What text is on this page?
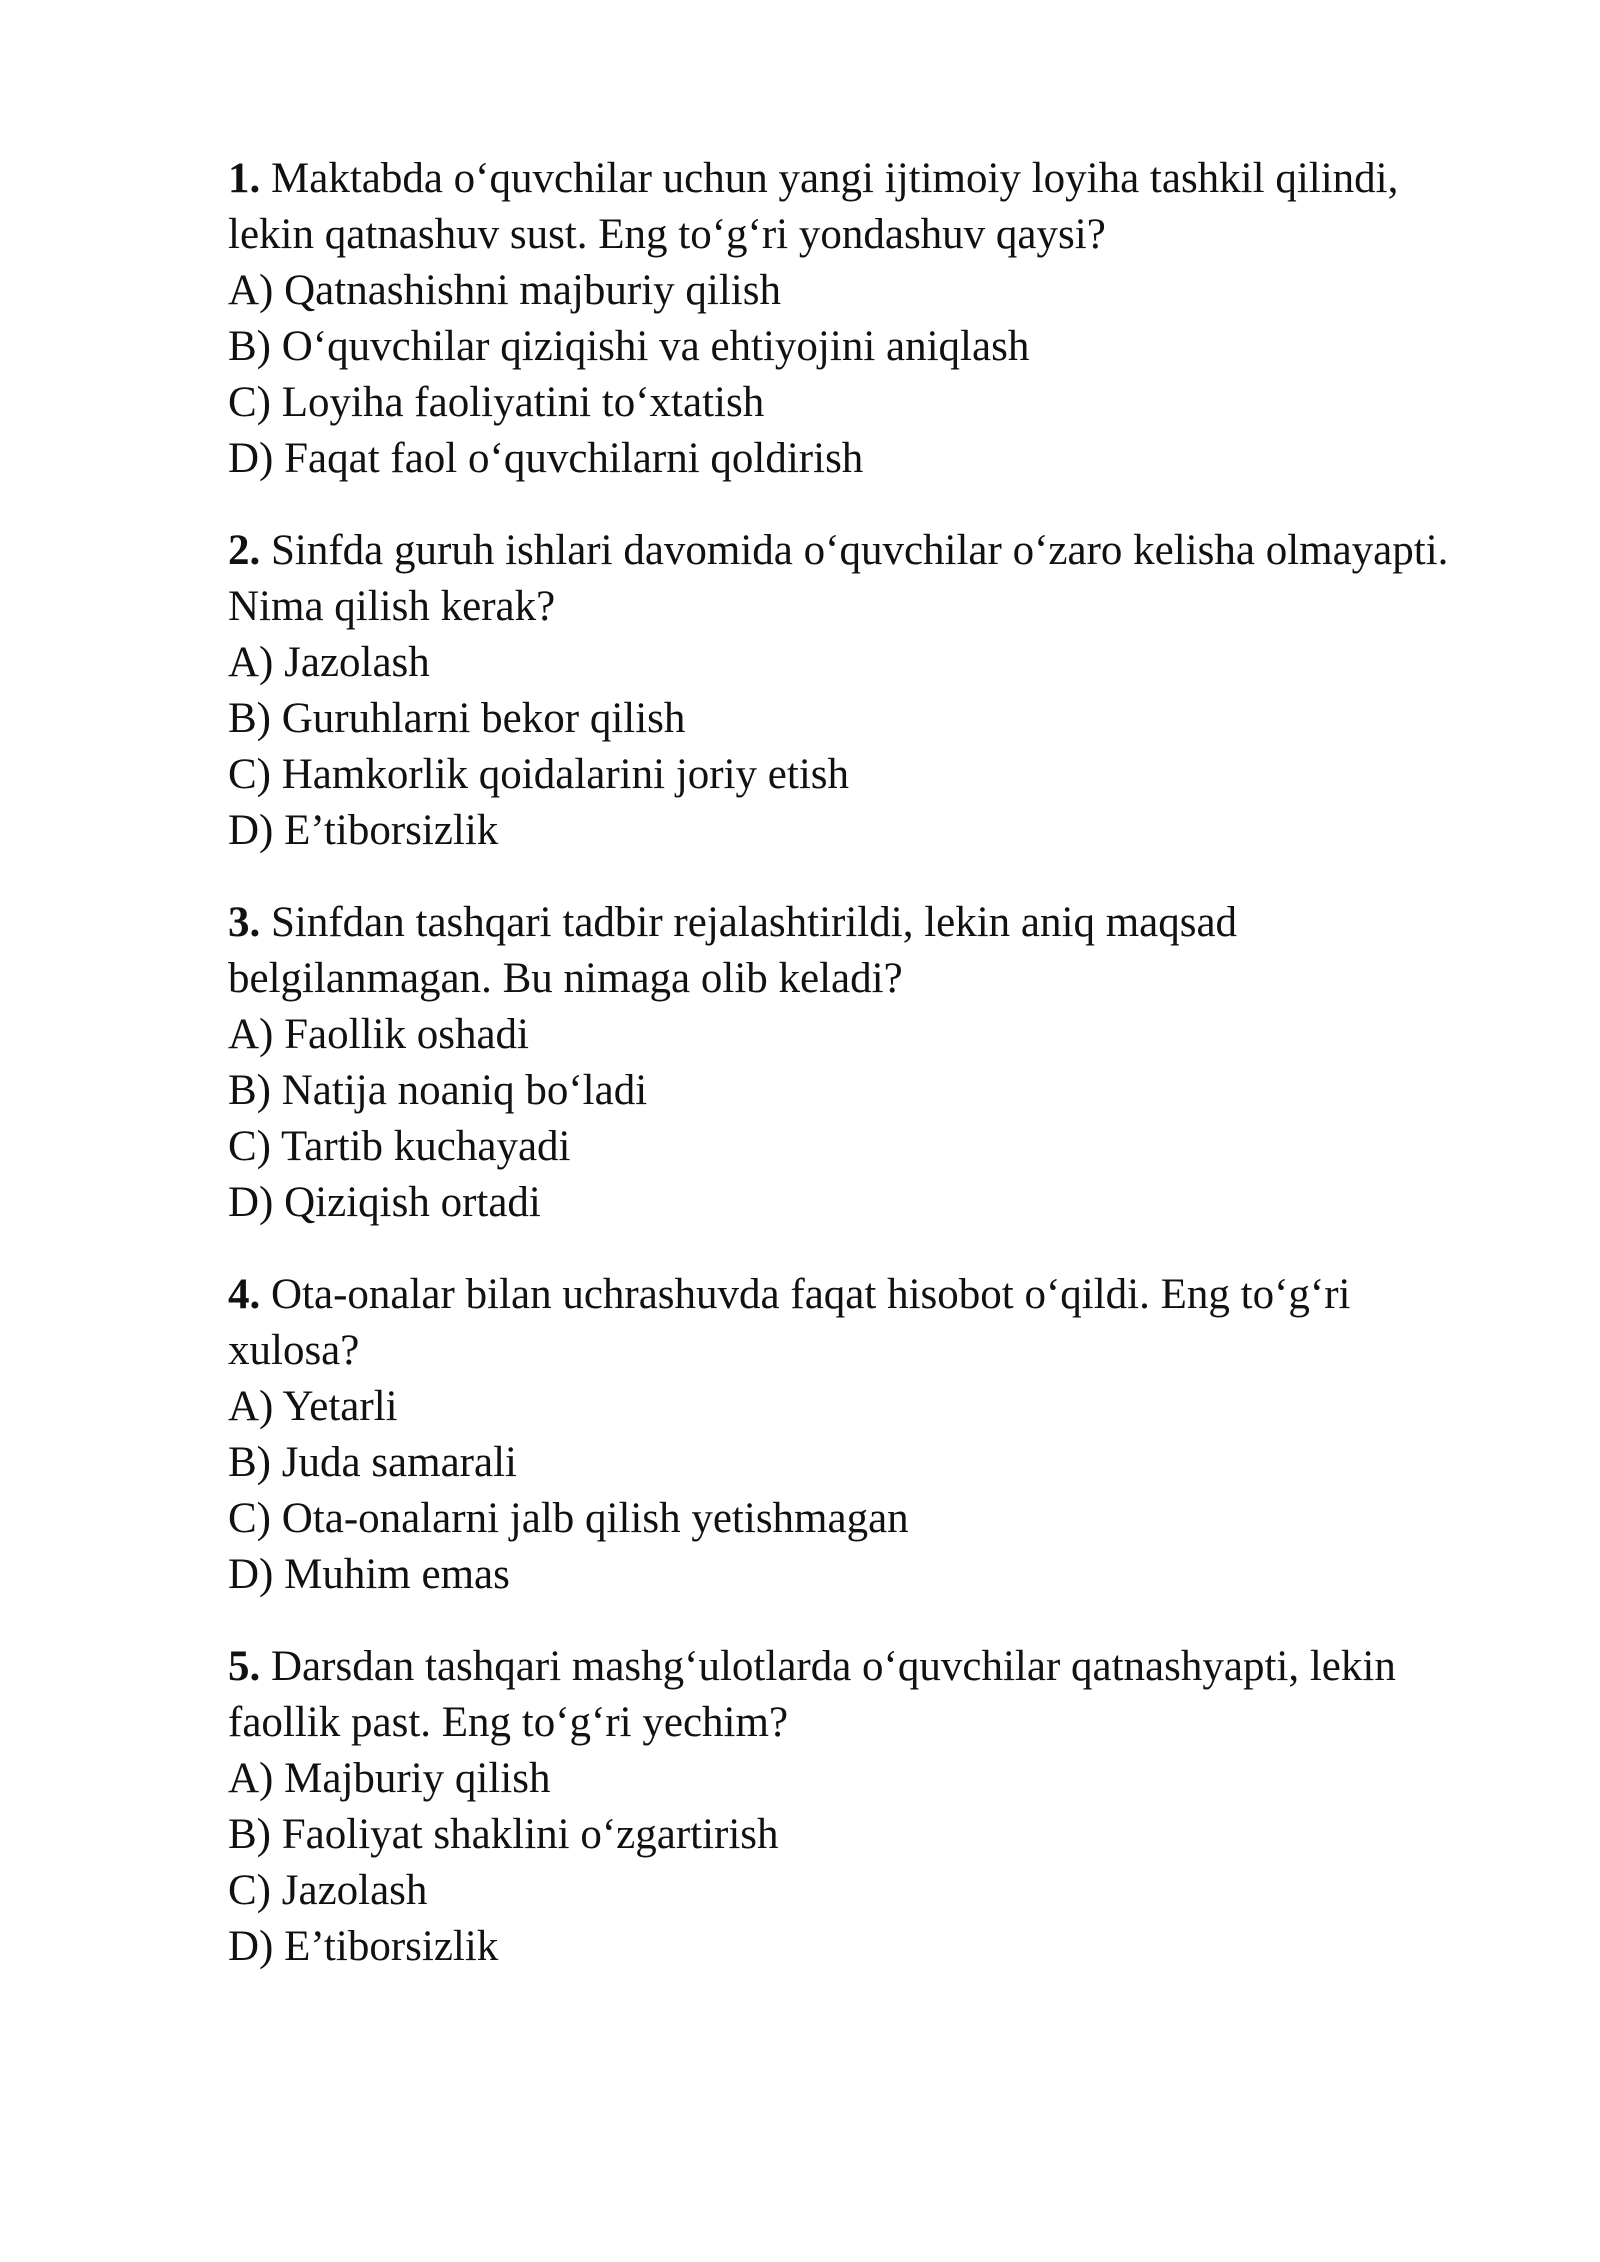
1. Maktabda o‘quvchilar uchun yangi ijtimoiy loyiha tashkil qilindi, lekin qatnashuv sust. Eng to‘g‘ri yondashuv qaysi?

A) Qatnashishni majburiy qilish
B) O‘quvchilar qiziqishi va ehtiyojini aniqlash
C) Loyiha faoliyatini to‘xtatish
D) Faqat faol o‘quvchilarni qoldirish

2. Sinfda guruh ishlari davomida o‘quvchilar o‘zaro kelisha olmayapti. Nima qilish kerak?

A) Jazolash
B) Guruhlarni bekor qilish
C) Hamkorlik qoidalarini joriy etish
D) E’tiborsizlik

3. Sinfdan tashqari tadbir rejalashtirildi, lekin aniq maqsad belgilanmagan. Bu nimaga olib keladi?

A) Faollik oshadi
B) Natija noaniq bo‘ladi
C) Tartib kuchayadi
D) Qiziqish ortadi

4. Ota-onalar bilan uchrashuvda faqat hisobot o‘qildi. Eng to‘g‘ri xulosa?

A) Yetarli
B) Juda samarali
C) Ota-onalarni jalb qilish yetishmagan
D) Muhim emas

5. Darsdan tashqari mashg‘ulotlarda o‘quvchilar qatnashyapti, lekin faollik past. Eng to‘g‘ri yechim?

A) Majburiy qilish
B) Faoliyat shaklini o‘zgartirish
C) Jazolash
D) E’tiborsizlik
